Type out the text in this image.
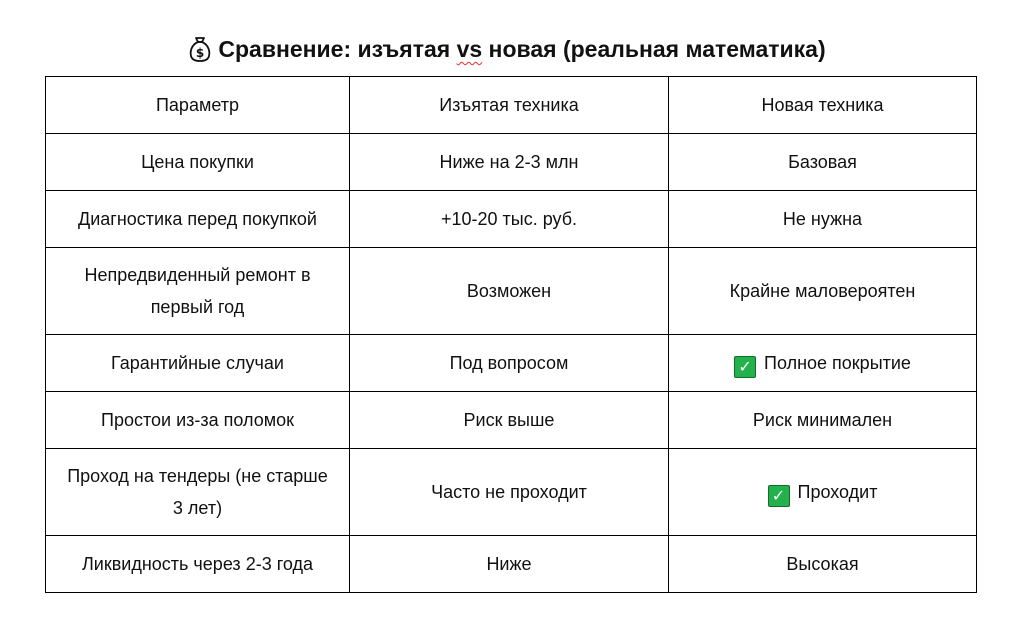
$ Сравнение: изъятая vs новая (реальная математика)
Параметр	Изъятая техника	Новая техника
Цена покупки	Ниже на 2-3 млн	Базовая
Диагностика перед покупкой	+10-20 тыс. руб.	Не нужна
Непредвиденный ремонт в первый год	Возможен	Крайне маловероятен
Гарантийные случаи	Под вопросом	✓ Полное покрытие
Простои из-за поломок	Риск выше	Риск минимален
Проход на тендеры (не старше 3 лет)	Часто не проходит	✓ Проходит
Ликвидность через 2-3 года	Ниже	Высокая
